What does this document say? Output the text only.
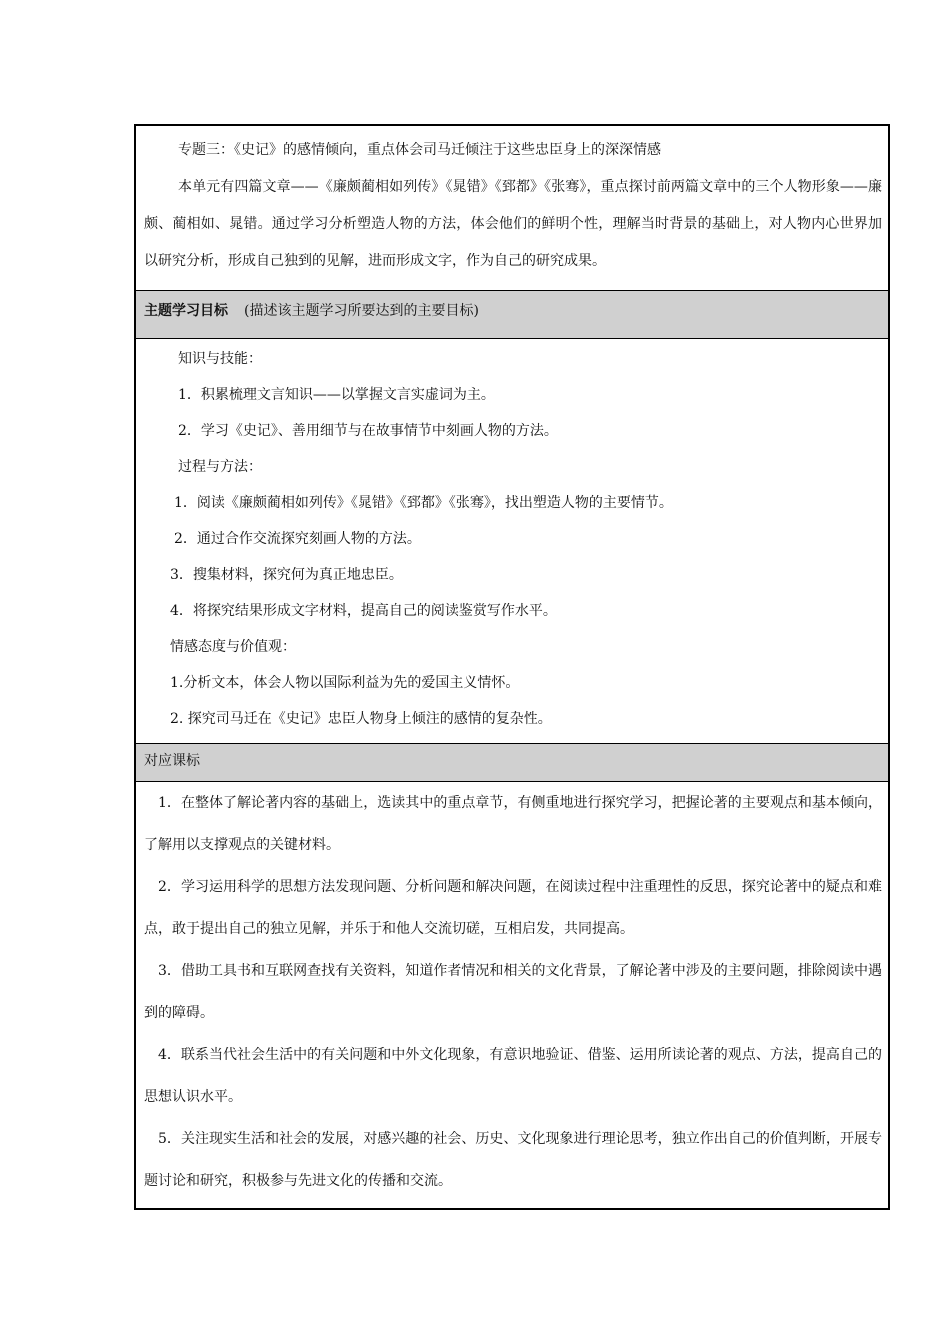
专题三：《史记》的感情倾向，重点体会司马迁倾注于这些忠臣身上的深深情感

本单元有四篇文章——《廉颇蔺相如列传》《晁错》《郅都》《张骞》，重点探讨前两篇文章中的三个人物形象——廉颇、蔺相如、晁错。通过学习分析塑造人物的方法，体会他们的鲜明个性，理解当时背景的基础上，对人物内心世界加以研究分析，形成自己独到的见解，进而形成文字，作为自己的研究成果。

主题学习目标 (描述该主题学习所要达到的主要目标)

知识与技能：

1．积累梳理文言知识——以掌握文言实虚词为主。

2．学习《史记》、善用细节与在故事情节中刻画人物的方法。

过程与方法：

1．阅读《廉颇蔺相如列传》《晁错》《郅都》《张骞》，找出塑造人物的主要情节。

2．通过合作交流探究刻画人物的方法。

3．搜集材料，探究何为真正地忠臣。

4．将探究结果形成文字材料，提高自己的阅读鉴赏写作水平。

情感态度与价值观：

1.分析文本，体会人物以国际利益为先的爱国主义情怀。

2. 探究司马迁在《史记》忠臣人物身上倾注的感情的复杂性。

对应课标

1．在整体了解论著内容的基础上，选读其中的重点章节，有侧重地进行探究学习，把握论著的主要观点和基本倾向，了解用以支撑观点的关键材料。

2．学习运用科学的思想方法发现问题、分析问题和解决问题，在阅读过程中注重理性的反思，探究论著中的疑点和难点，敢于提出自己的独立见解，并乐于和他人交流切磋，互相启发，共同提高。

3．借助工具书和互联网查找有关资料，知道作者情况和相关的文化背景，了解论著中涉及的主要问题，排除阅读中遇到的障碍。

4．联系当代社会生活中的有关问题和中外文化现象，有意识地验证、借鉴、运用所读论著的观点、方法，提高自己的思想认识水平。

5．关注现实生活和社会的发展，对感兴趣的社会、历史、文化现象进行理论思考，独立作出自己的价值判断，开展专题讨论和研究，积极参与先进文化的传播和交流。
